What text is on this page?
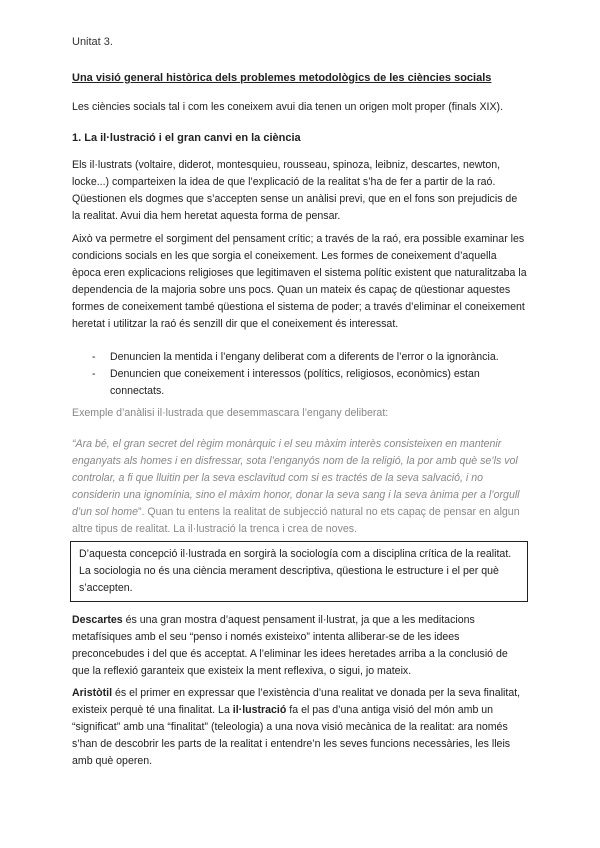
Unitat 3.
Una visió general històrica dels problemes metodològics de les ciències socials

Les ciències socials tal i com les coneixem avui dia tenen un origen molt proper (finals XIX).

1. La il·lustració i el gran canvi en la ciència

Els il·lustrats (voltaire, diderot, montesquieu, rousseau, spinoza, leibniz, descartes, newton, locke...) comparteixen la idea de que l’explicació de la realitat s’ha de fer a partir de la raó. Qüestionen els dogmes que s’accepten sense un anàlisi previ, que en el fons son prejudicis de la realitat. Avui dia hem heretat aquesta forma de pensar.

Això va permetre el sorgiment del pensament crític; a través de la raó, era possible examinar les condicions socials en les que sorgia el coneixement. Les formes de coneixement d’aquella època eren explicacions religioses que legitimaven el sistema polític existent que naturalitzaba la dependencia de la majoria sobre uns pocs. Quan un mateix és capaç de qüestionar aquestes formes de coneixement també qüestiona el sistema de poder; a través d’eliminar el coneixement heretat i utilitzar la raó és senzill dir que el coneixement és interessat.

- Denuncien la mentida i l’engany deliberat com a diferents de l’error o la ignorància.
- Denuncien que coneixement i interessos (polítics, religiosos, econòmics) estan connectats.

Exemple d’anàlisi il·lustrada que desemmascara l’engany deliberat:

“Ara bé, el gran secret del règim monàrquic i el seu màxim interès consisteixen en mantenir enganyats als homes i en disfressar, sota l’enganyós nom de la religió, la por amb què se’ls vol controlar, a fi que lluitin per la seva esclavitud com si es tractés de la seva salvació, i no considerin una ignomínia, sino el màxim honor, donar la seva sang i la seva ànima per a l’orgull d’un sol home”. Quan tu entens la realitat de subjecció natural no ets capaç de pensar en algun altre tipus de realitat. La il·lustració la trenca i crea de noves.

D’aquesta concepció il·lustrada en sorgirà la sociología com a disciplina crítica de la realitat. La sociologia no és una ciència merament descriptiva, qüestiona le estructure i el per què s’accepten.

Descartes és una gran mostra d’aquest pensament il·lustrat, ja que a les meditacions metafísiques amb el seu “penso i només existeixo” intenta alliberar-se de les idees preconcebudes i del que és acceptat. A l’eliminar les idees heretades arriba a la conclusió de que la reflexió garanteix que existeix la ment reflexiva, o sigui, jo mateix.

Aristòtil és el primer en expressar que l’existència d’una realitat ve donada per la seva finalitat, existeix perquè té una finalitat. La il·lustració fa el pas d’una antiga visió del món amb un “significat” amb una “finalitat” (teleologia) a una nova visió mecànica de la realitat: ara només s’han de descobrir les parts de la realitat i entendre’n les seves funcions necessàries, les lleis amb què operen.
